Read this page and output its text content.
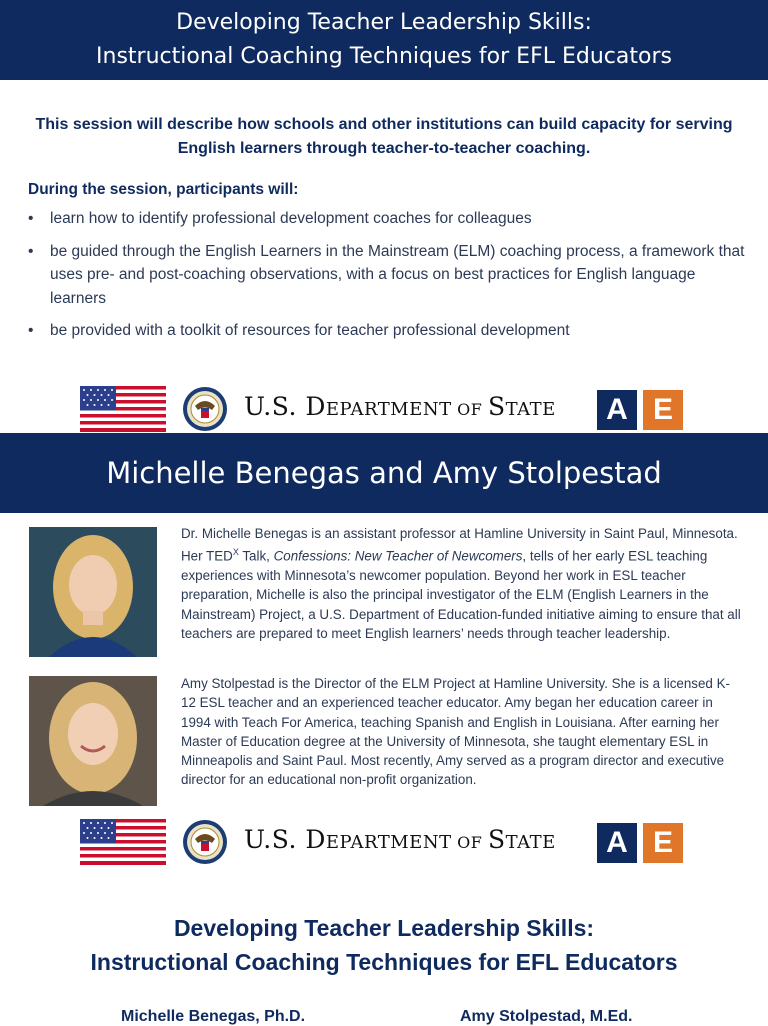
Developing Teacher Leadership Skills:
Instructional Coaching Techniques for EFL Educators
This session will describe how schools and other institutions can build capacity for serving English learners through teacher-to-teacher coaching.
During the session, participants will:
• learn how to identify professional development coaches for colleagues
• be guided through the English Learners in the Mainstream (ELM) coaching process, a framework that uses pre- and post-coaching observations, with a focus on best practices for English language learners
• be provided with a toolkit of resources for teacher professional development
U.S. DEPARTMENT OF STATE	A E
Michelle Benegas and Amy Stolpestad
Dr. Michelle Benegas is an assistant professor at Hamline University in Saint Paul, Minnesota. Her $TED^X$ Talk, Confessions: New Teacher of Newcomers, tells of her early ESL teaching experiences with Minnesota’s newcomer population. Beyond her work in ESL teacher preparation, Michelle is also the principal investigator of the ELM (English Learners in the Mainstream) Project, a U.S. Department of Education-funded initiative aiming to ensure that all teachers are prepared to meet English learners’ needs through teacher leadership.
Amy Stolpestad is the Director of the ELM Project at Hamline University. She is a licensed K-12 ESL teacher and an experienced teacher educator. Amy began her education career in 1994 with Teach For America, teaching Spanish and English in Louisiana. After earning her Master of Education degree at the University of Minnesota, she taught elementary ESL in Minneapolis and Saint Paul. Most recently, Amy served as a program director and executive director for an educational non-profit organization.
U.S. DEPARTMENT OF STATE	A E
Developing Teacher Leadership Skills:
Instructional Coaching Techniques for EFL Educators
Michelle Benegas, Ph.D.	Amy Stolpestad, M.Ed.
